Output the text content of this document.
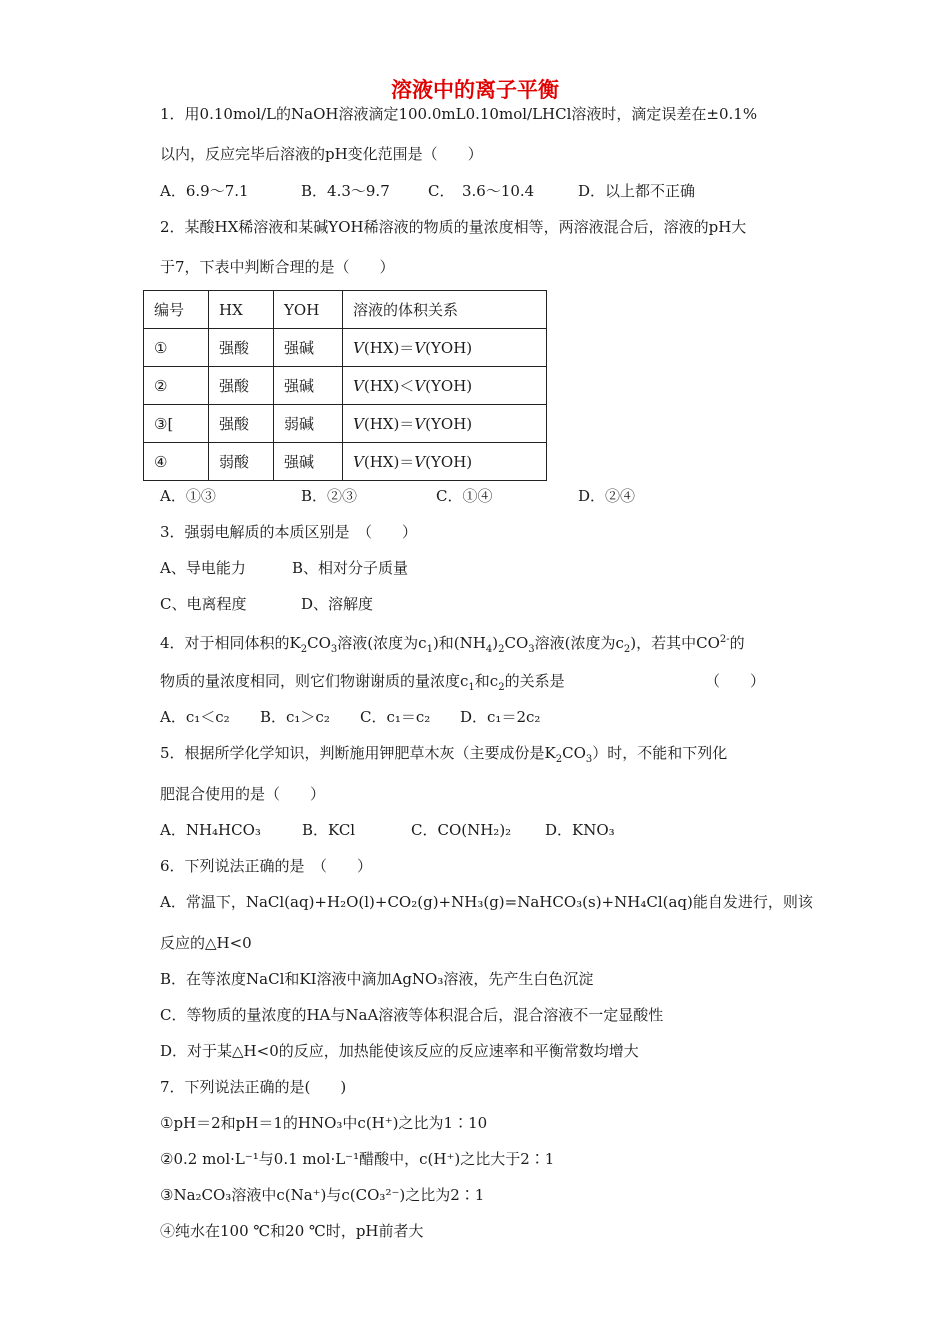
溶液中的离子平衡
1．用0.10mol/L的NaOH溶液滴定100.0mL0.10mol/LHCl溶液时，滴定误差在±0.1%
以内，反应完毕后溶液的pH变化范围是（　　）
A．6.9～7.1	B．4.3～9.7	C．　3.6～10.4	D．以上都不正确
2．某酸HX稀溶液和某碱YOH稀溶液的物质的量浓度相等，两溶液混合后，溶液的pH大
于7，下表中判断合理的是（　　）
编号	HX	YOH	溶液的体积关系
①	强酸	强碱	V(HX)＝V(YOH)
②	强酸	强碱	V(HX)＜V(YOH)
③[	强酸	弱碱	V(HX)＝V(YOH)
④	弱酸	强碱	V(HX)＝V(YOH)
A．①③	B．②③	C．①④	D．②④
3．强弱电解质的本质区别是　（　　）
A、导电能力	B、相对分子质量
C、电离程度	D、溶解度
4．对于相同体积的$K_2CO_3$溶液(浓度为$c_1$)和$(NH_4)_2CO_3$溶液(浓度为$c_2$)，若其中$CO^{2-}$的
物质的量浓度相同，则它们物谢谢质的量浓度$c_1$和$c_2$的关系是	（　　）
A．c₁＜c₂ B．c₁＞c₂ C．c₁＝c₂ D．c₁＝2c₂
5．根据所学化学知识，判断施用钾肥草木灰（主要成份是$K_2CO_3$）时，不能和下列化
肥混合使用的是（　　）
A．NH₄HCO₃	B．KCl	C．CO(NH₂)₂ D．KNO₃
6．下列说法正确的是　（　　）
A．常温下，NaCl(aq)+H₂O(l)+CO₂(g)+NH₃(g)=NaHCO₃(s)+NH₄Cl(aq)能自发进行，则该
反应的△H<0
B．在等浓度NaCl和KI溶液中滴加AgNO₃溶液，先产生白色沉淀
C．等物质的量浓度的HA与NaA溶液等体积混合后，混合溶液不一定显酸性
D．对于某△H<0的反应，加热能使该反应的反应速率和平衡常数均增大
7．下列说法正确的是(　　)
①pH＝2和pH＝1的HNO₃中c(H⁺)之比为1∶10
②0.2 mol·L⁻¹与0.1 mol·L⁻¹醋酸中，c(H⁺)之比大于2∶1
③Na₂CO₃溶液中c(Na⁺)与c(CO₃²⁻)之比为2∶1
④纯水在100 ℃和20 ℃时，pH前者大
